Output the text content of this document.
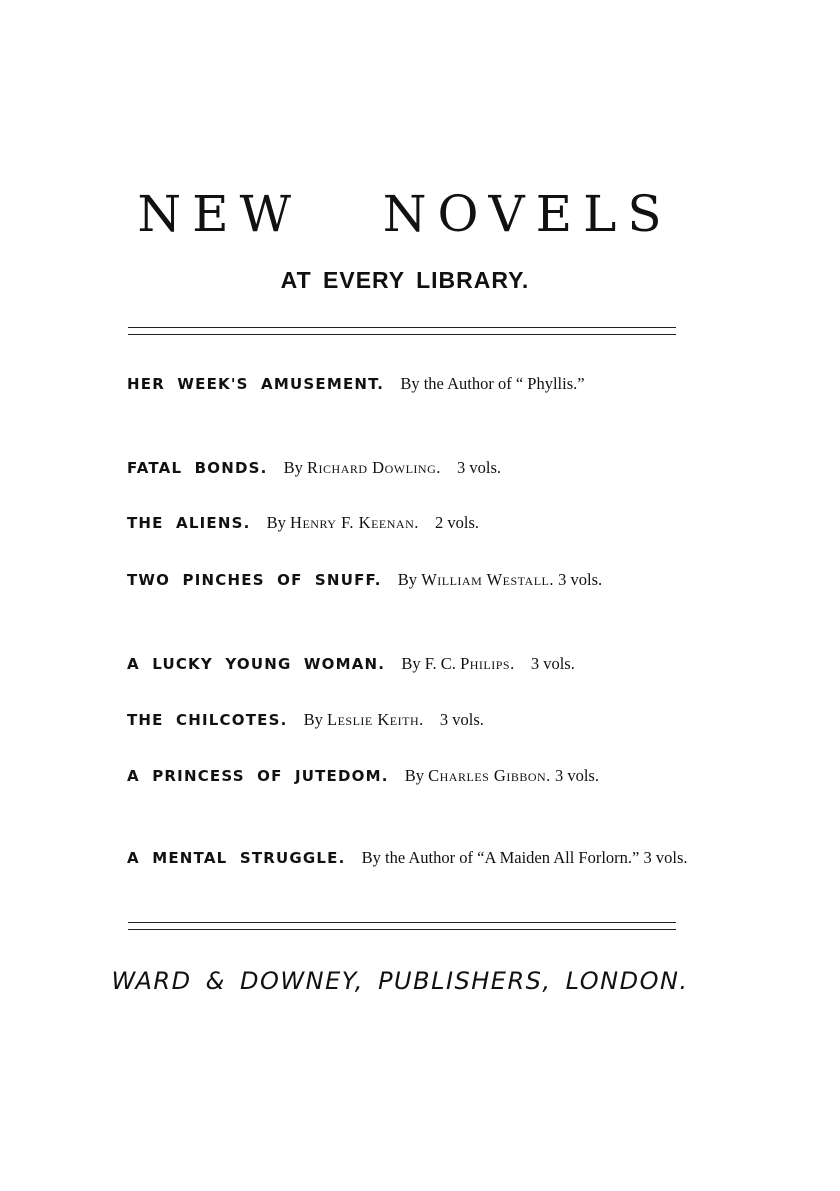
NEW   NOVELS
AT EVERY LIBRARY.
HER WEEK'S AMUSEMENT. By the Author of “ Phyllis.”
FATAL BONDS. By Richard Dowling. 3 vols.
THE ALIENS. By Henry F. Keenan. 2 vols.
TWO PINCHES OF SNUFF. By William Westall. 3 vols.
A LUCKY YOUNG WOMAN. By F. C. Philips. 3 vols.
THE CHILCOTES. By Leslie Keith. 3 vols.
A PRINCESS OF JUTEDOM. By Charles Gibbon. 3 vols.
A MENTAL STRUGGLE. By the Author of “A Maiden All Forlorn.” 3 vols.
WARD & DOWNEY, PUBLISHERS, LONDON.
